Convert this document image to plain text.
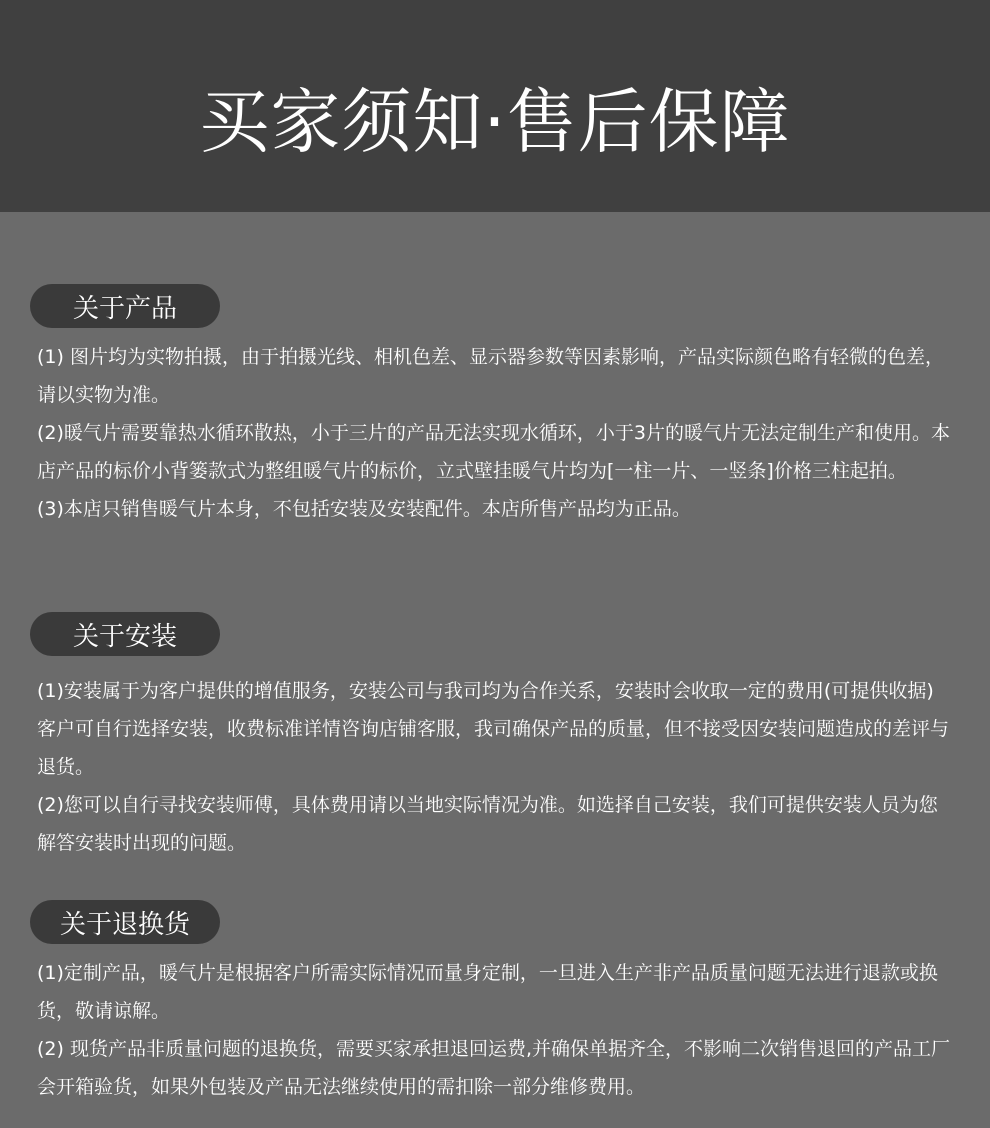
买家须知·售后保障
关于产品

(1) 图片均为实物拍摄，由于拍摄光线、相机色差、显示器参数等因素影响，产品实际颜色略有轻微的色差，请以实物为准。

(2)暖气片需要靠热水循环散热，小于三片的产品无法实现水循环，小于3片的暖气片无法定制生产和使用。本店产品的标价小背篓款式为整组暖气片的标价，立式壁挂暖气片均为[一柱一片、一竖条]价格三柱起拍。

(3)本店只销售暖气片本身，不包括安装及安装配件。本店所售产品均为正品。

关于安装

(1)安装属于为客户提供的增值服务，安装公司与我司均为合作关系，安装时会收取一定的费用(可提供收据)客户可自行选择安装，收费标准详情咨询店铺客服，我司确保产品的质量，但不接受因安装问题造成的差评与退货。

(2)您可以自行寻找安装师傅，具体费用请以当地实际情况为准。如选择自己安装，我们可提供安装人员为您解答安装时出现的问题。

关于退换货

(1)定制产品，暖气片是根据客户所需实际情况而量身定制，一旦进入生产非产品质量问题无法进行退款或换货，敬请谅解。

(2) 现货产品非质量问题的退换货，需要买家承担退回运费,并确保单据齐全，不影响二次销售退回的产品工厂会开箱验货，如果外包装及产品无法继续使用的需扣除一部分维修费用。
